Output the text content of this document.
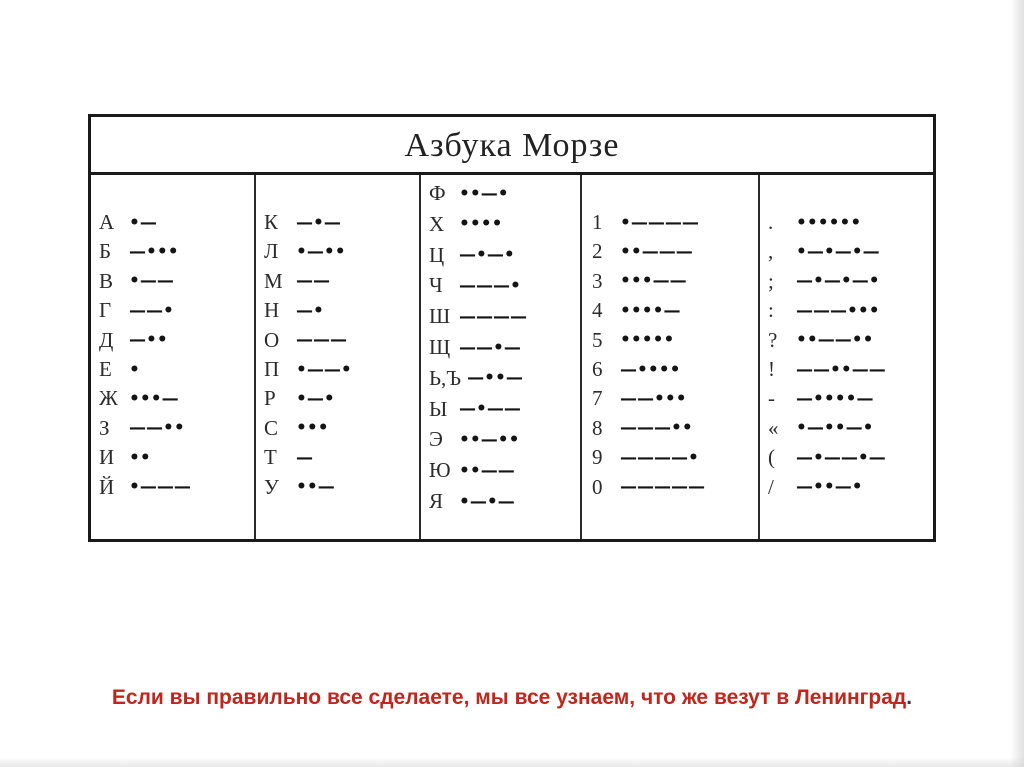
Азбука Морзе
А •—
Б	—•••
В •——
Г	——•
Д —••
Е	•
Ж •••—
З	——••
И ••
Й •———
К	—•—
Л	•—••
М ——
Н —•
О ———
П •——•
Р	•—•
С	•••
Т	—
У	••—
Ф ••—•
Х ••••
Ц —•—•
Ч ———•
Ш ————
Щ ——•—
Ь,Ъ —••—
Ы —•——
Э ••—••
Ю ••——
Я •—•—
1	•————
2	••———
3	•••——
4	••••—
5	•••••
6	—••••
7	——•••
8	———••
9	————•
0	—————
.	••••••
,	•—•—•—
;	—•—•—•
:	———•••
?	••——••
!	——••——
-	—••••—
«	•—••—•
(	—•——•—
/	—••—•
Если вы правильно все сделаете, мы все узнаем, что же везут в Ленинград.
